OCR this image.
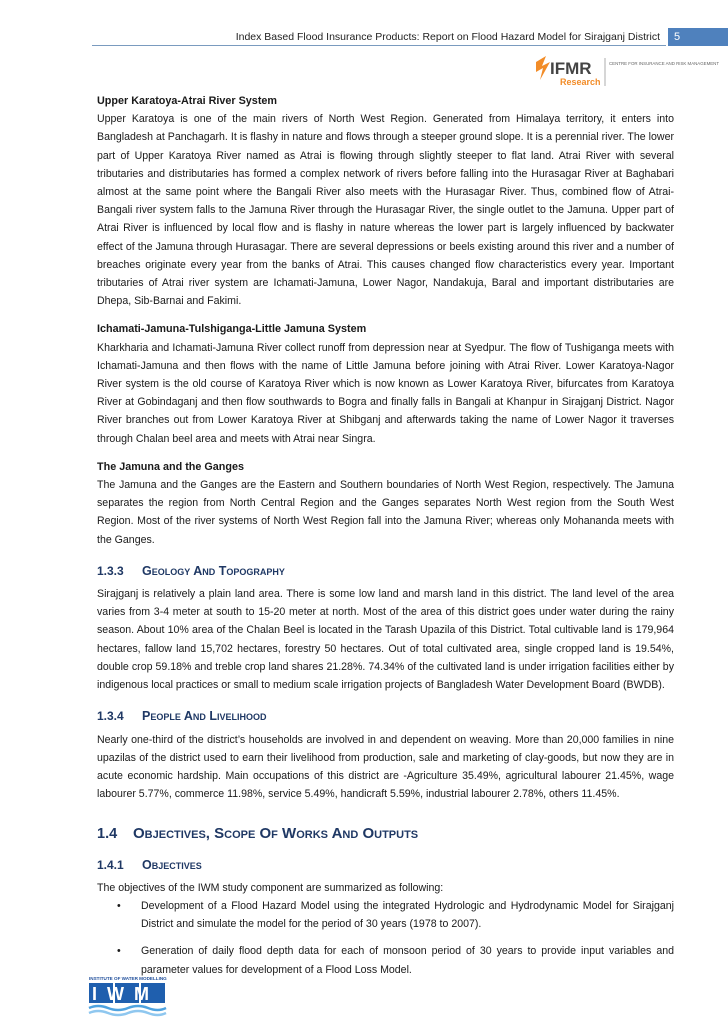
Index Based Flood Insurance Products: Report on Flood Hazard Model for Sirajganj District	5
IFMR
Research
CENTRE FOR INSURANCE AND RISK MANAGEMENT
Upper Karatoya-Atrai River System

Upper Karatoya is one of the main rivers of North West Region. Generated from Himalaya territory, it enters into Bangladesh at Panchagarh. It is flashy in nature and flows through a steeper ground slope. It is a perennial river. The lower part of Upper Karatoya River named as Atrai is flowing through slightly steeper to flat land. Atrai River with several tributaries and distributaries has formed a complex network of rivers before falling into the Hurasagar River at Baghabari almost at the same point where the Bangali River also meets with the Hurasagar River. Thus, combined flow of Atrai-Bangali river system falls to the Jamuna River through the Hurasagar River, the single outlet to the Jamuna. Upper part of Atrai River is influenced by local flow and is flashy in nature whereas the lower part is largely influenced by backwater effect of the Jamuna through Hurasagar. There are several depressions or beels existing around this river and a number of breaches originate every year from the banks of Atrai. This causes changed flow characteristics every year. Important tributaries of Atrai river system are Ichamati-Jamuna, Lower Nagor, Nandakuja, Baral and important distributaries are Dhepa, Sib-Barnai and Fakimi.

Ichamati-Jamuna-Tulshiganga-Little Jamuna System

Kharkharia and Ichamati-Jamuna River collect runoff from depression near at Syedpur. The flow of Tushiganga meets with Ichamati-Jamuna and then flows with the name of Little Jamuna before joining with Atrai River. Lower Karatoya-Nagor River system is the old course of Karatoya River which is now known as Lower Karatoya River, bifurcates from Karatoya River at Gobindaganj and then flow southwards to Bogra and finally falls in Bangali at Khanpur in Sirajganj District. Nagor River branches out from Lower Karatoya River at Shibganj and afterwards taking the name of Lower Nagor it traverses through Chalan beel area and meets with Atrai near Singra.

The Jamuna and the Ganges

The Jamuna and the Ganges are the Eastern and Southern boundaries of North West Region, respectively. The Jamuna separates the region from North Central Region and the Ganges separates North West region from the South West Region. Most of the river systems of North West Region fall into the Jamuna River; whereas only Mohananda meets with the Ganges.

1.3.3	Geology And Topography

Sirajganj is relatively a plain land area. There is some low land and marsh land in this district. The land level of the area varies from 3-4 meter at south to 15-20 meter at north. Most of the area of this district goes under water during the rainy season. About 10% area of the Chalan Beel is located in the Tarash Upazila of this District. Total cultivable land is 179,964 hectares, fallow land 15,702 hectares, forestry 50 hectares. Out of total cultivated area, single cropped land is 19.54%, double crop 59.18% and treble crop land shares 21.28%. 74.34% of the cultivated land is under irrigation facilities either by indigenous local practices or small to medium scale irrigation projects of Bangladesh Water Development Board (BWDB).

1.3.4	People And Livelihood

Nearly one-third of the district’s households are involved in and dependent on weaving. More than 20,000 families in nine upazilas of the district used to earn their livelihood from production, sale and marketing of clay-goods, but now they are in acute economic hardship. Main occupations of this district are -Agriculture 35.49%, agricultural labourer 21.45%, wage labourer 5.77%, commerce 11.98%, service 5.49%, handicraft 5.59%, industrial labourer 2.78%, others 11.45%.

1.4	Objectives, Scope Of Works And Outputs
1.4.1	Objectives

The objectives of the IWM study component are summarized as following:

• Development of a Flood Hazard Model using the integrated Hydrologic and Hydrodynamic Model for Sirajganj District and simulate the model for the period of 30 years (1978 to 2007).
• Generation of daily flood depth data for each of monsoon period of 30 years to provide input variables and parameter values for development of a Flood Loss Model.
INSTITUTE OF WATER MODELLING
IWM
